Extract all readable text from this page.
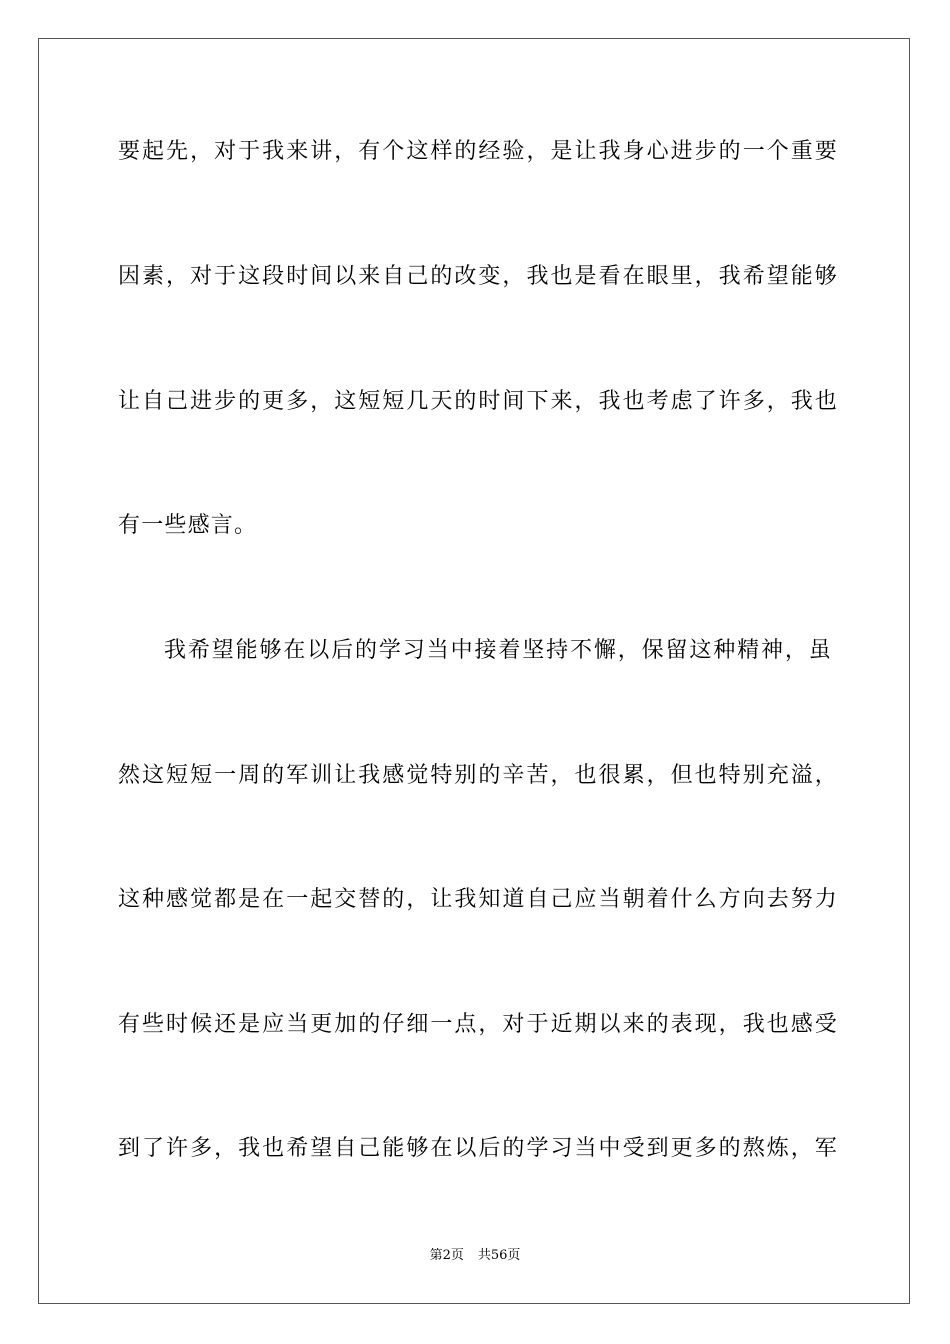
要起先，对于我来讲，有个这样的经验，是让我身心进步的一个重要
因素，对于这段时间以来自己的改变，我也是看在眼里，我希望能够
让自己进步的更多，这短短几天的时间下来，我也考虑了许多，我也
有一些感言。
我希望能够在以后的学习当中接着坚持不懈，保留这种精神，虽
然这短短一周的军训让我感觉特别的辛苦，也很累，但也特别充溢，
这种感觉都是在一起交替的，让我知道自己应当朝着什么方向去努力
有些时候还是应当更加的仔细一点，对于近期以来的表现，我也感受
到了许多，我也希望自己能够在以后的学习当中受到更多的熬炼，军
第2页 共56页
